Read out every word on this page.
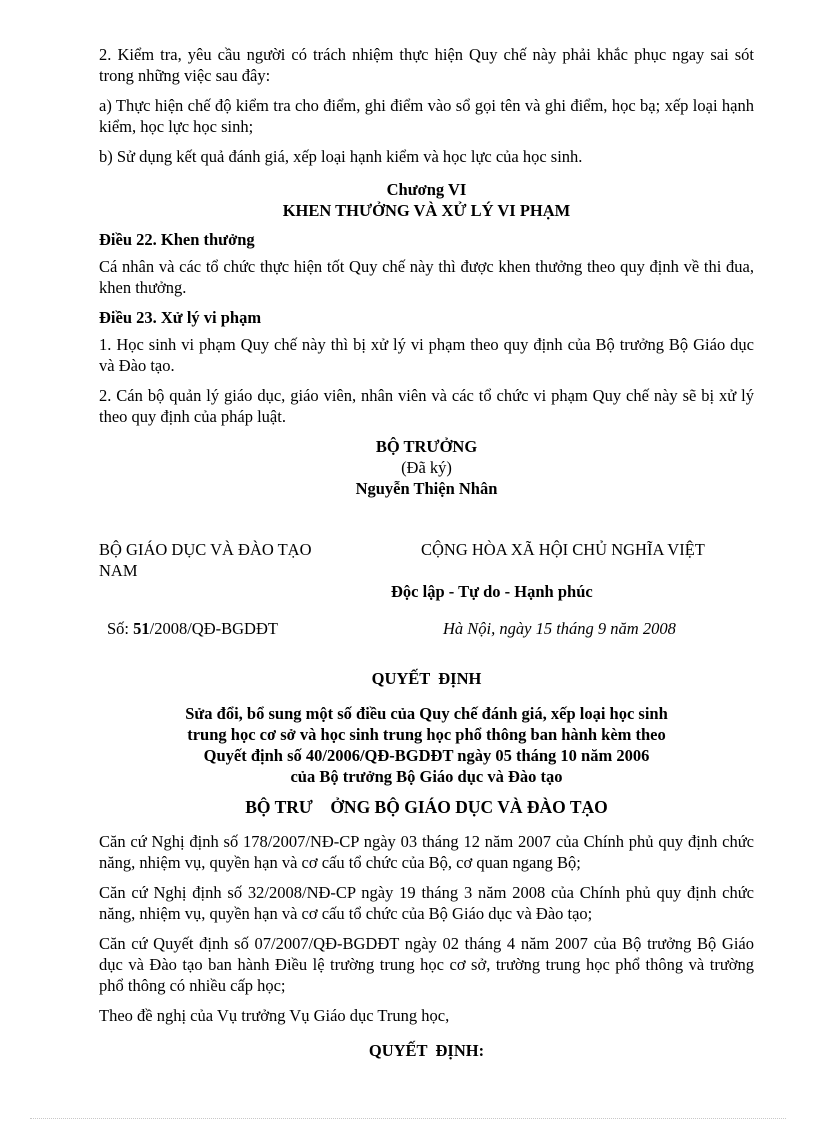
2. Kiểm tra, yêu cầu người có trách nhiệm thực hiện Quy chế này phải khắc phục ngay sai sót trong những việc sau đây:

a) Thực hiện chế độ kiểm tra cho điểm, ghi điểm vào sổ gọi tên và ghi điểm, học bạ; xếp loại hạnh kiểm, học lực học sinh;

b) Sử dụng kết quả đánh giá, xếp loại hạnh kiểm và học lực của học sinh.

Chương VI

KHEN THƯỞNG VÀ XỬ LÝ VI PHẠM

Điều 22. Khen thưởng

Cá nhân và các tổ chức thực hiện tốt Quy chế này thì được khen thưởng theo quy định về thi đua, khen thưởng.

Điều 23. Xử lý vi phạm

1. Học sinh vi phạm Quy chế này thì bị xử lý vi phạm theo quy định của Bộ trưởng Bộ Giáo dục và Đào tạo.

2. Cán bộ quản lý giáo dục, giáo viên, nhân viên và các tổ chức vi phạm Quy chế này sẽ bị xử lý theo quy định của pháp luật.

BỘ TRƯỞNG

(Đã ký)

Nguyễn Thiện Nhân

BỘ GIÁO DỤC VÀ ĐÀO TẠO

NAM

CỘNG HÒA XÃ HỘI CHỦ NGHĨA VIỆT

Độc lập - Tự do - Hạnh phúc

Số: 51/2008/QĐ-BGDĐT	Hà Nội, ngày 15 tháng 9 năm 2008

QUYẾT  ĐỊNH

Sửa đổi, bổ sung một số điều của Quy chế đánh giá, xếp loại học sinh

trung học cơ sở và học sinh trung học phổ thông ban hành kèm theo

Quyết định số 40/2006/QĐ-BGDĐT ngày 05 tháng 10 năm 2006

của Bộ trưởng Bộ Giáo dục và Đào tạo

BỘ TRƯ    ỞNG BỘ GIÁO DỤC VÀ ĐÀO TẠO

Căn cứ Nghị định số 178/2007/NĐ-CP ngày 03 tháng 12 năm 2007 của Chính phủ quy định chức năng, nhiệm vụ, quyền hạn và cơ cấu tổ chức của Bộ, cơ quan ngang Bộ;

Căn cứ Nghị định số 32/2008/NĐ-CP ngày 19 tháng 3 năm 2008 của Chính phủ quy định chức năng, nhiệm vụ, quyền hạn và cơ cấu tổ chức của Bộ Giáo dục và Đào tạo;

Căn cứ Quyết định số 07/2007/QĐ-BGDĐT ngày 02 tháng 4 năm 2007 của Bộ trưởng Bộ Giáo dục và Đào tạo ban hành Điều lệ trường trung học cơ sở, trường trung học phổ thông và trường phổ thông có nhiều cấp học;

Theo đề nghị của Vụ trưởng Vụ Giáo dục Trung học,

QUYẾT  ĐỊNH:
